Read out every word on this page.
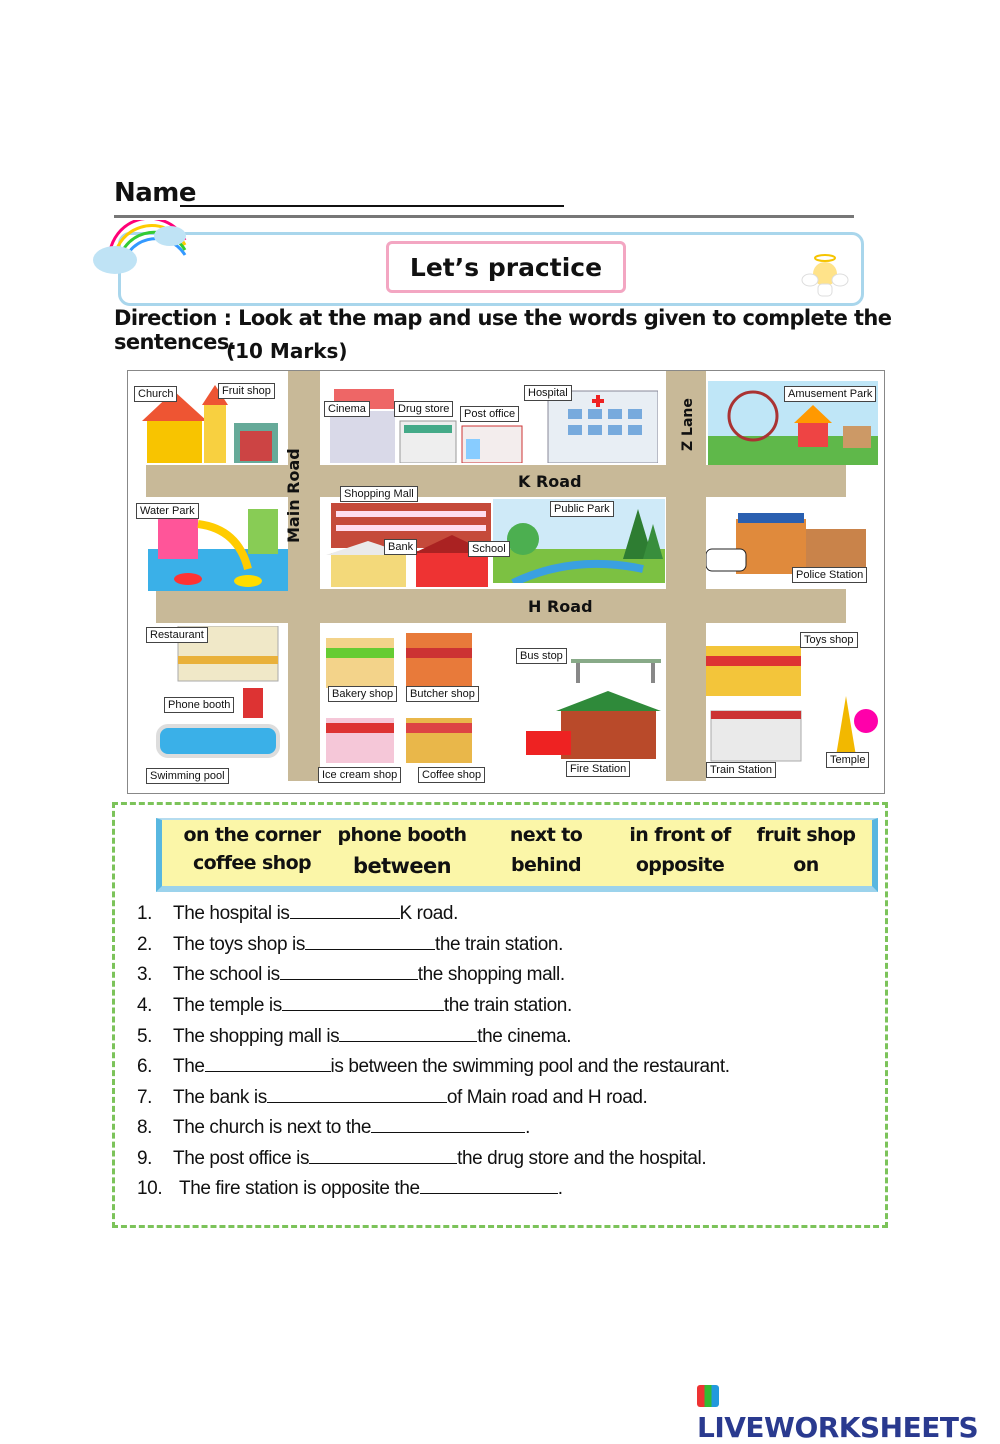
Name
Let’s practice
Direction : Look at the map and use the words given to complete the sentences.
(10 Marks)
K Road
H Road
Main Road
Z Lane
Church	Fruit shop
Cinema	Drug store	Post office
Hospital	Amusement Park
Water Park
Shopping Mall
Bank	School
Public Park
Police Station
Restaurant
Phone booth
Swimming pool
Bakery shop	Butcher shop
Ice cream shop	Coffee shop
Bus stop
Fire Station
Toys shop
Train Station
Temple
on the corner phone booth	next to	in front of	fruit shop
coffee shop	between	behind	opposite	on
1. The hospital is	K road.
2. The toys shop is	the train station.
3. The school is	the shopping mall.
4. The temple is	the train station.
5. The shopping mall is	the cinema.
6. The	is between the swimming pool and the restaurant.
7. The bank is	of Main road and H road.
8. The church is next to the	.
9. The post office is	the drug store and the hospital.
10. The fire station is opposite the	.
LIVEWORKSHEETS
